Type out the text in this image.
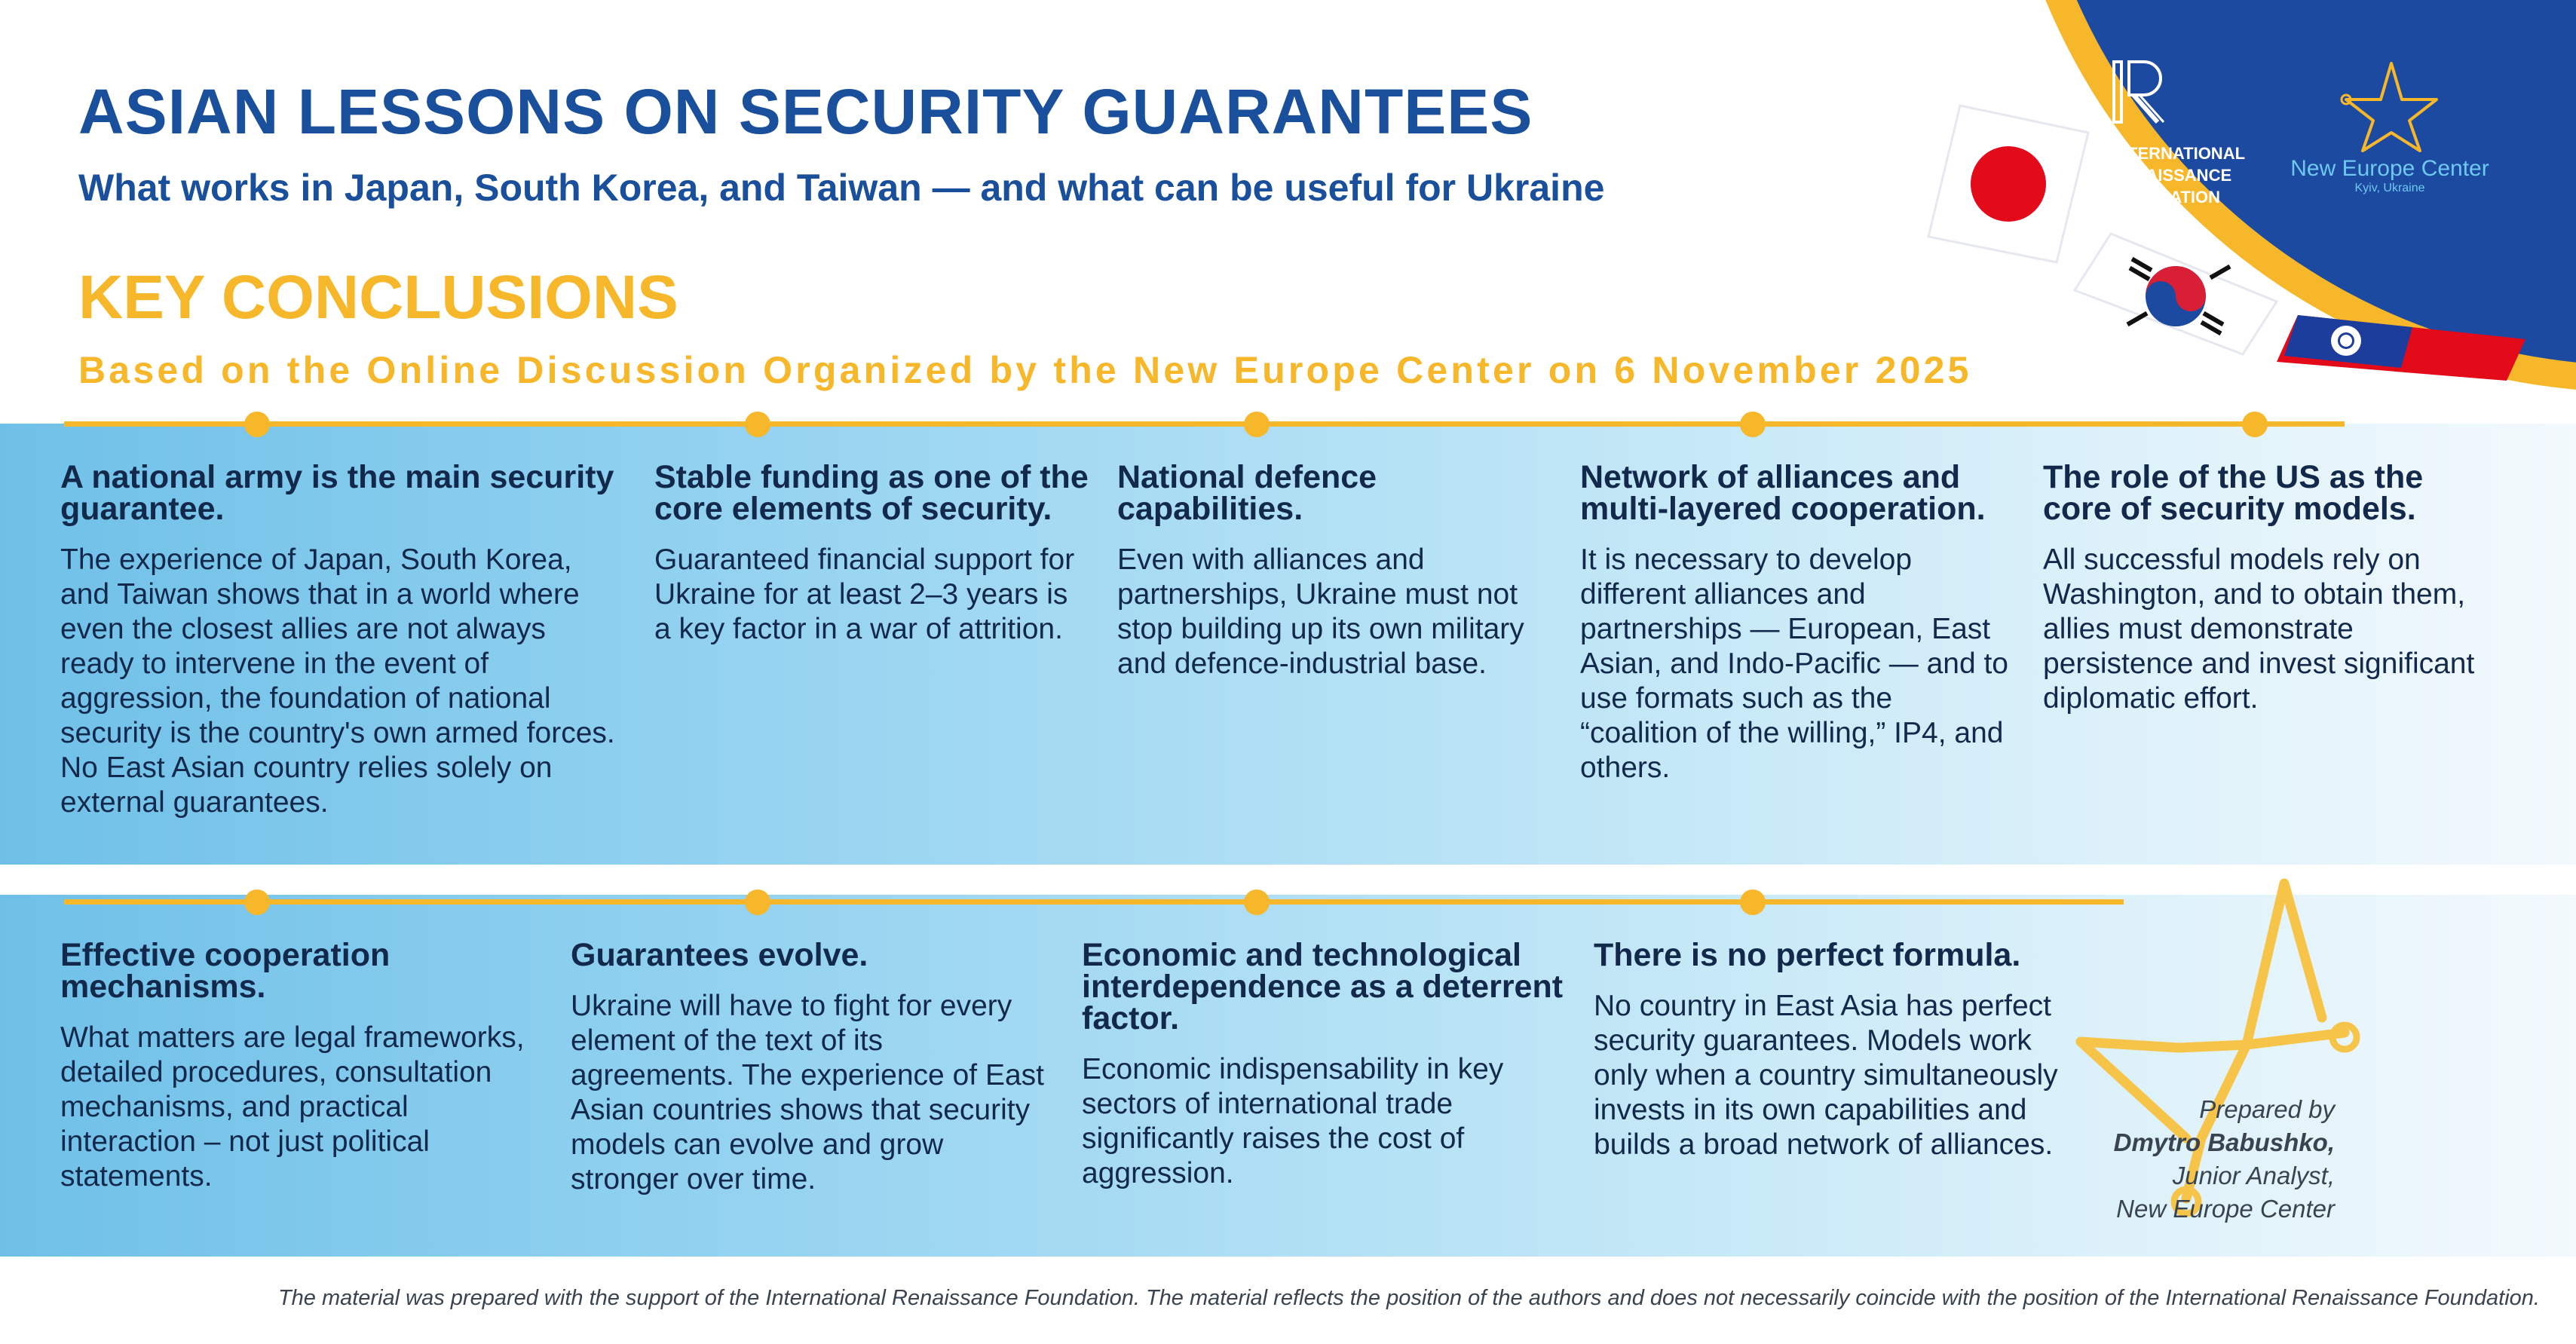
INTERNATIONAL
RENAISSANCE
FOUNDATION
New Europe Center
Kyiv, Ukraine
ASIAN LESSONS ON SECURITY GUARANTEES
What works in Japan, South Korea, and Taiwan — and what can be useful for Ukraine
KEY CONCLUSIONS
Based on the Online Discussion Organized by the New Europe Center on 6 November 2025
A national army is the main security guarantee.
The experience of Japan, South Korea, and Taiwan shows that in a world where even the closest allies are not always ready to intervene in the event of aggression, the foundation of national security is the country's own armed forces. No East Asian country relies solely on external guarantees.
Stable funding as one of the core elements of security.
Guaranteed financial support for Ukraine for at least 2–3 years is a key factor in a war of attrition.
National defence capabilities.
Even with alliances and partnerships, Ukraine must not stop building up its own military and defence-industrial base.
Network of alliances and multi-layered cooperation.
It is necessary to develop different alliances and partnerships — European, East Asian, and Indo-Pacific — and to use formats such as the “coalition of the willing,” IP4, and others.
The role of the US as the core of security models.
All successful models rely on Washington, and to obtain them, allies must demonstrate persistence and invest significant diplomatic effort.
Effective cooperation mechanisms.
What matters are legal frameworks, detailed procedures, consultation mechanisms, and practical interaction – not just political statements.
Guarantees evolve.
Ukraine will have to fight for every element of the text of its agreements. The experience of East Asian countries shows that security models can evolve and grow stronger over time.
Economic and technological interdependence as a deterrent factor.
Economic indispensability in key sectors of international trade significantly raises the cost of aggression.
There is no perfect formula.
No country in East Asia has perfect security guarantees. Models work only when a country simultaneously invests in its own capabilities and builds a broad network of alliances.
Prepared by
Dmytro Babushko,
Junior Analyst,
New Europe Center
The material was prepared with the support of the International Renaissance Foundation. The material reflects the position of the authors and does not necessarily coincide with the position of the International Renaissance Foundation.
